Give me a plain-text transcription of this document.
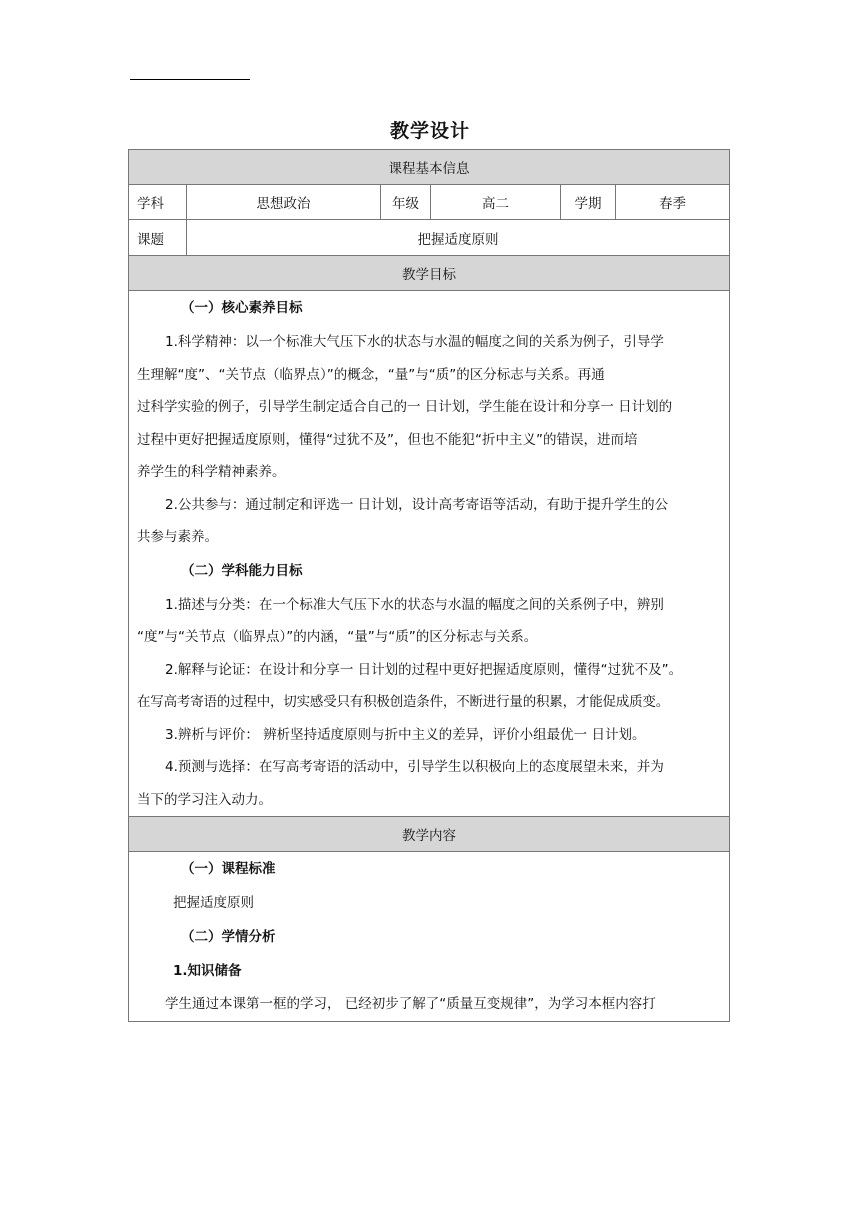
教学设计
课程基本信息
学科	思想政治	年级	高二	学期	春季
课题	把握适度原则
教学目标
（一）核心素养目标

1.科学精神：以一个标准大气压下水的状态与水温的幅度之间的关系为例子，引导学

生理解“度”、“关节点（临界点）”的概念，“量”与“质”的区分标志与关系。再通

过科学实验的例子，引导学生制定适合自己的一 日计划，学生能在设计和分享一 日计划的

过程中更好把握适度原则，懂得“过犹不及”，但也不能犯“折中主义”的错误，进而培

养学生的科学精神素养。

2.公共参与：通过制定和评选一 日计划，设计高考寄语等活动，有助于提升学生的公

共参与素养。

（二）学科能力目标

1.描述与分类：在一个标准大气压下水的状态与水温的幅度之间的关系例子中，辨别

“度”与“关节点（临界点）”的内涵，“量”与“质”的区分标志与关系。

2.解释与论证：在设计和分享一 日计划的过程中更好把握适度原则，懂得“过犹不及”。

在写高考寄语的过程中，切实感受只有积极创造条件，不断进行量的积累，才能促成质变。

3.辨析与评价： 辨析坚持适度原则与折中主义的差异，评价小组最优一 日计划。

4.预测与选择：在写高考寄语的活动中，引导学生以积极向上的态度展望未来，并为

当下的学习注入动力。

教学内容
（一）课程标准
把握适度原则
（二）学情分析
1.知识储备

学生通过本课第一框的学习， 已经初步了解了“质量互变规律”，为学习本框内容打
